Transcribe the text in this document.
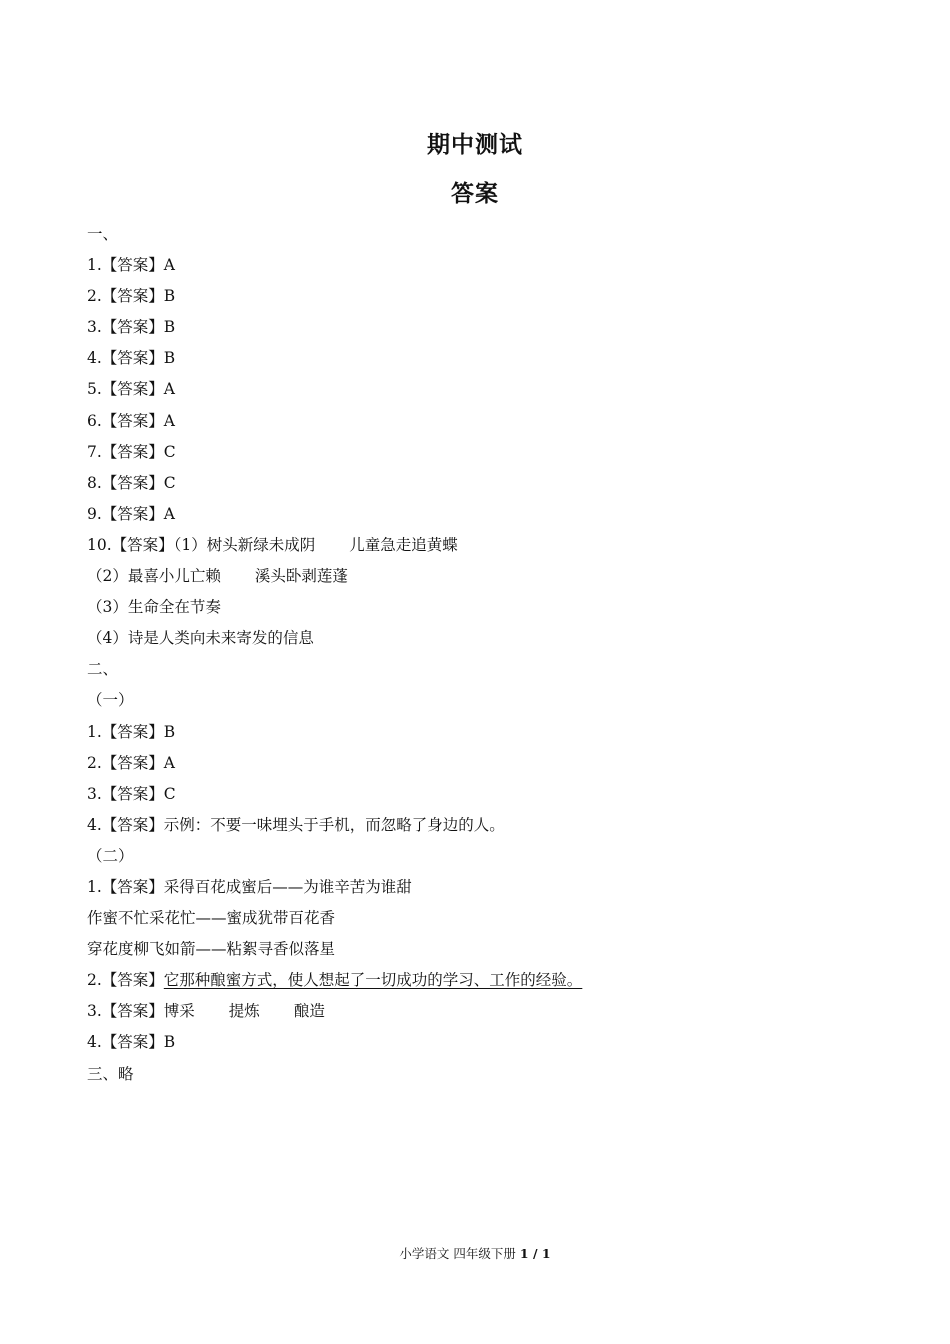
期中测试
答案
一、
1.【答案】A
2.【答案】B
3.【答案】B
4.【答案】B
5.【答案】A
6.【答案】A
7.【答案】C
8.【答案】C
9.【答案】A
10.【答案】（1）树头新绿未成阴 儿童急走追黄蝶
（2）最喜小儿亡赖 溪头卧剥莲蓬
（3）生命全在节奏
（4）诗是人类向未来寄发的信息
二、
（一）
1.【答案】B
2.【答案】A
3.【答案】C
4.【答案】示例：不要一味埋头于手机，而忽略了身边的人。
（二）
1.【答案】采得百花成蜜后——为谁辛苦为谁甜
作蜜不忙采花忙——蜜成犹带百花香
穿花度柳飞如箭——粘絮寻香似落星
2.【答案】它那种酿蜜方式，使人想起了一切成功的学习、工作的经验。
3.【答案】博采 提炼 酿造
4.【答案】B
三、略
小学语文 四年级下册 1 / 1
